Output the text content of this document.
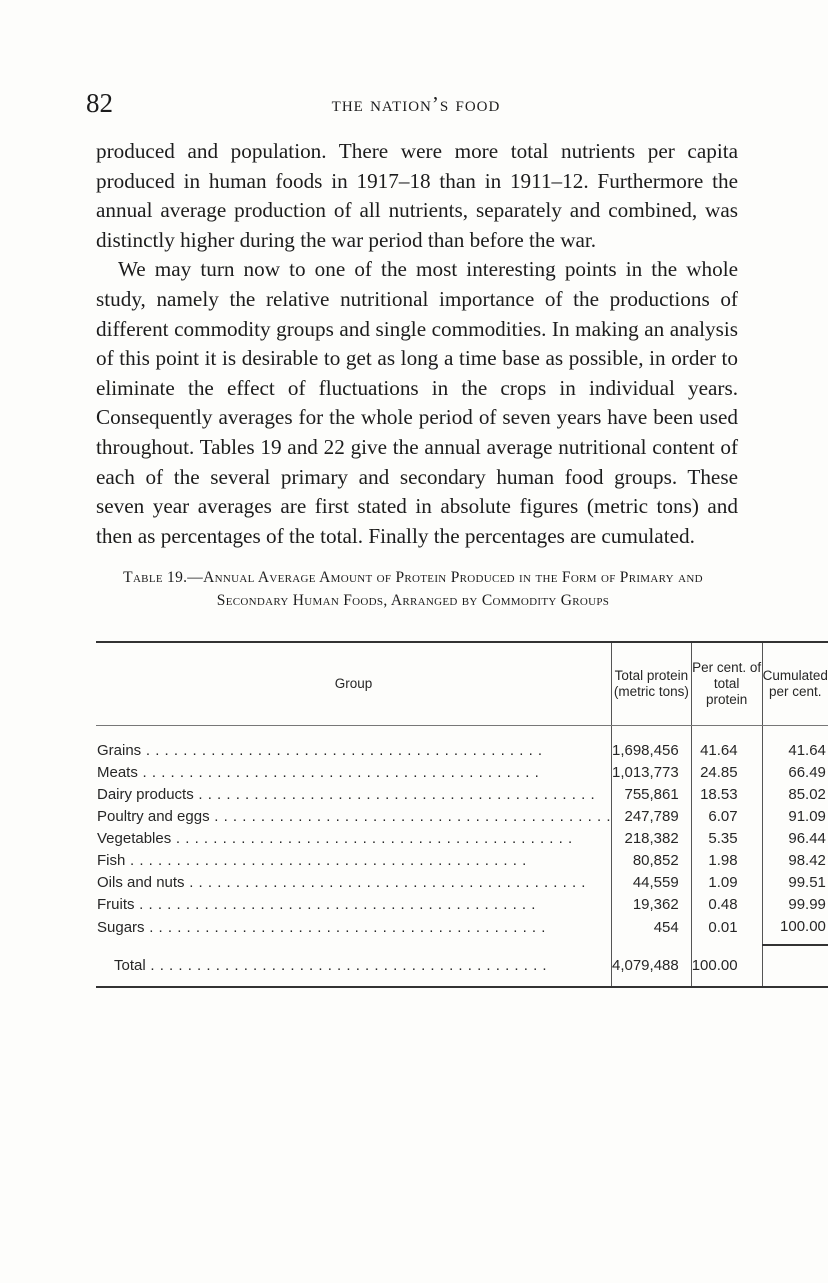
82	the nation’s food

produced and population. There were more total nutrients per capita produced in human foods in 1917–18 than in 1911–12. Furthermore the annual average production of all nutrients, separately and combined, was distinctly higher during the war period than before the war.

We may turn now to one of the most interesting points in the whole study, namely the relative nutritional importance of the productions of different commodity groups and single commodities. In making an analysis of this point it is desirable to get as long a time base as possible, in order to eliminate the effect of fluctuations in the crops in individual years. Consequently averages for the whole period of seven years have been used throughout. Tables 19 and 22 give the annual average nutritional content of each of the several primary and secondary human food groups. These seven year averages are first stated in absolute figures (metric tons) and then as percentages of the total. Finally the percentages are cumulated.

Table 19.—Annual Average Amount of Protein Produced in the Form of Primary and Secondary Human Foods, Arranged by Commodity Groups
Group	Total protein (metric tons)	Per cent. of total protein	Cumulated per cent.
Grains . . .	1,698,456	41.64	41.64
Meats . . .	1,013,773	24.85	66.49
Dairy products . . .	755,861	18.53	85.02
Poultry and eggs . . .	247,789	6.07	91.09
Vegetables . . .	218,382	5.35	96.44
Fish . . .	80,852	1.98	98.42
Oils and nuts . . .	44,559	1.09	99.51
Fruits . . .	19,362	0.48	99.99
Sugars . . .	454	0.01	100.00
Total . . .	4,079,488	100.00	
